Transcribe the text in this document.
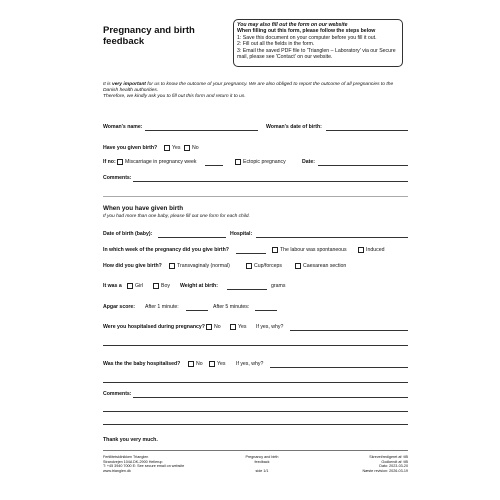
Pregnancy and birth feedback
You may also fill out the form on our website
When filling out this form, please follow the steps below
1: Save this document on your computer before you fill it out.
2: Fill out all the fields in the form.
3: Email the saved PDF file to 'Trianglen – Laboratory' via our Secure mail, please see 'Contact' on our website.
It is very important for us to know the outcome of your pregnancy. We are also obliged to report the outcome of all pregnancies to the Danish health authorities.
Therefore, we kindly ask you to fill out this form and return it to us.
Woman's name:	Woman's date of birth:
Have you given birth?	Yes No
If no: Miscarriage in pregnancy week	Ectopic pregnancy	Date:
Comments:
When you have given birth
If you had more than one baby, please fill out one form for each child.
Date of birth (baby):	Hospital:
In which week of the pregnancy did you give birth?	The labour was spontaneous	Induced
How did you give birth?	Transvaginaly (normal)	Cup/forceps	Caesarean section
It was a	Girl	Boy Weight at birth:	grams
Apgar score: After 1 minute:	After 5 minutes:
Were you hospitalsed during pregnancy? No	Yes If yes, why?
Was the the baby hospitalised?	No	Yes If yes, why?
Comments:
Thank you very much.
Fertilitetsklinikken Trianglen
Strandvejen 104A DK-2900 Hellerup
T: +45 3940 7000 E: See secure email on website
www.trianglen.dk
Pregnancy and birth
feedback
side 1/1
Skrevet/redigeret af: tIB
Godkendt af: tIB
Dato: 2023-03-20
Næste revision: 2026-03-19
